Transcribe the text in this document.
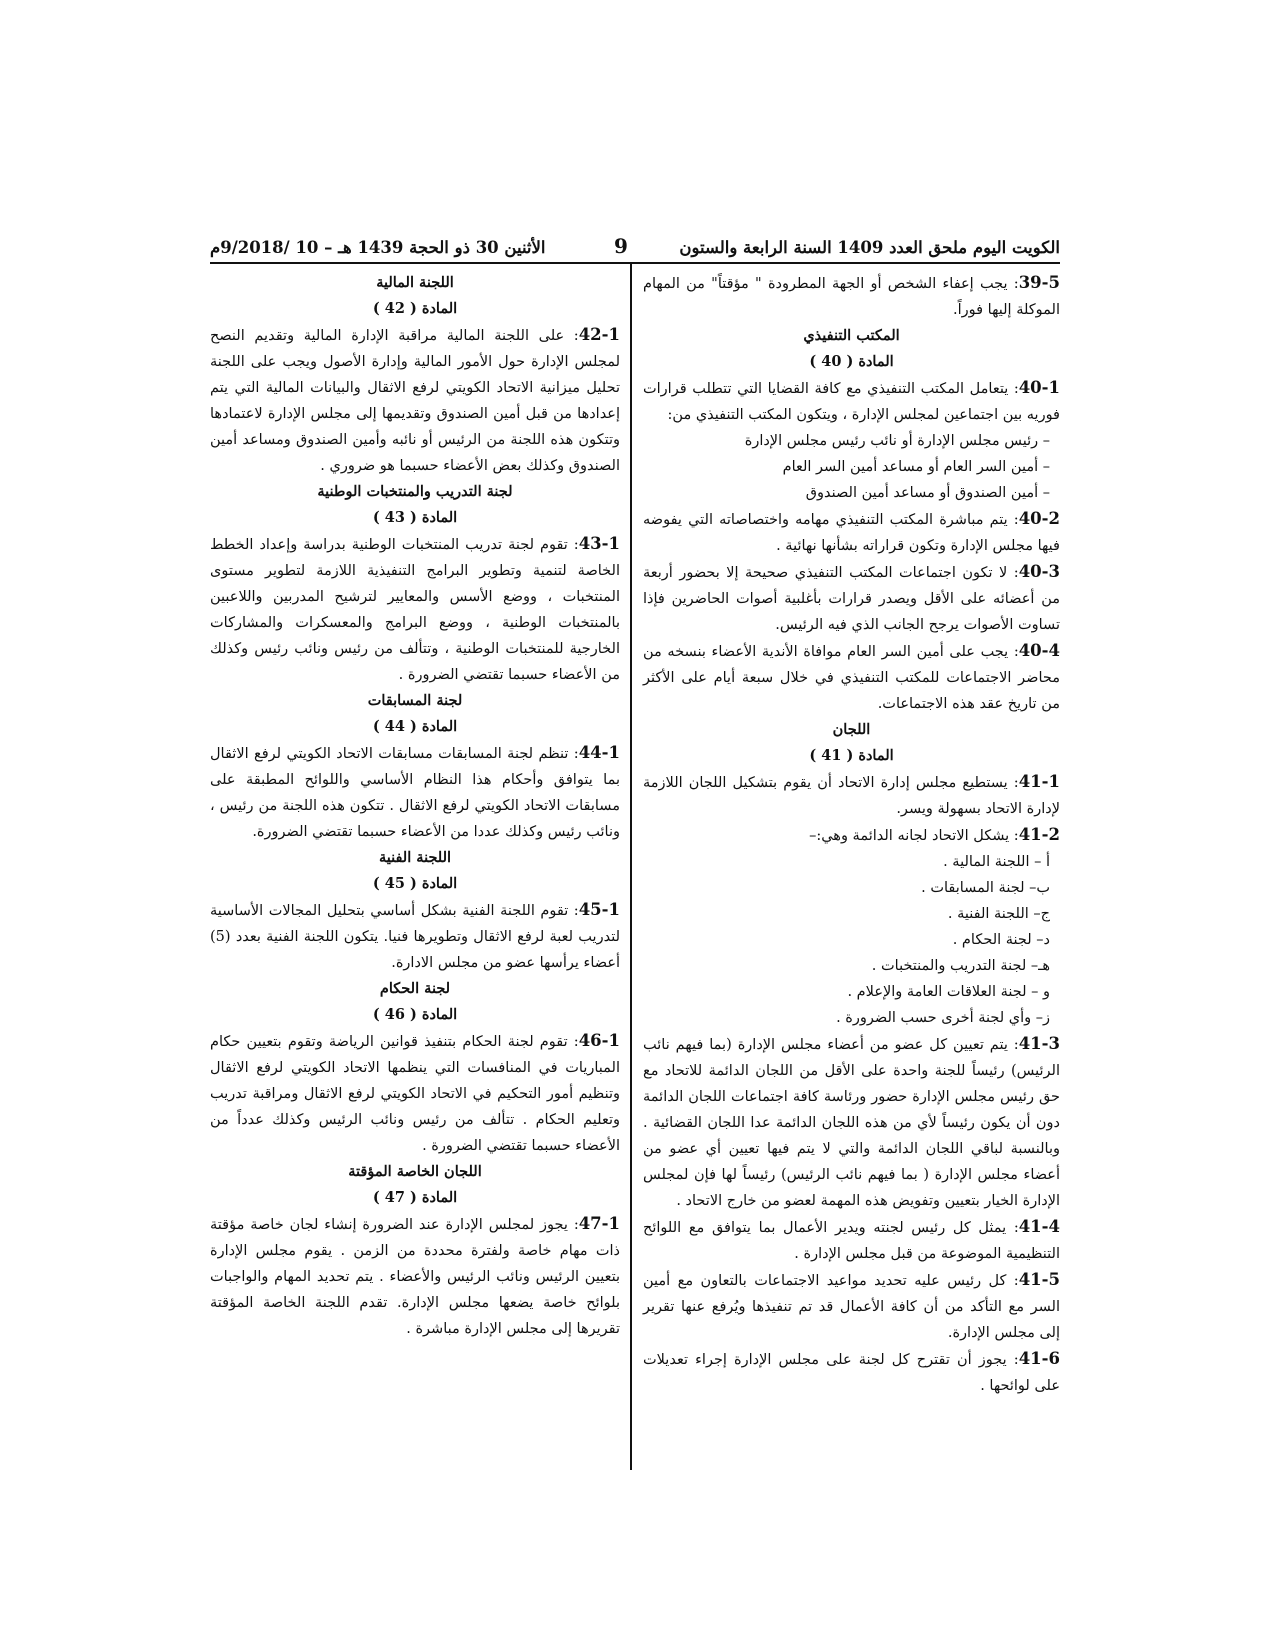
الكويت اليوم ملحق العدد 1409 السنة الرابعة والستون
9
الأثنين 30 ذو الحجة 1439 هـ – 10 /9/2018م

39-5: يجب إعفاء الشخص أو الجهة المطرودة " مؤقتاً" من المهام الموكلة إليها فوراً.

المكتب التنفيذي

المادة ( 40 )

40-1: يتعامل المكتب التنفيذي مع كافة القضايا التي تتطلب قرارات فوريه بين اجتماعين لمجلس الإدارة ، ويتكون المكتب التنفيذي من:

– رئيس مجلس الإدارة أو نائب رئيس مجلس الإدارة

– أمين السر العام أو مساعد أمين السر العام

– أمين الصندوق أو مساعد أمين الصندوق

40-2: يتم مباشرة المكتب التنفيذي مهامه واختصاصاته التي يفوضه فيها مجلس الإدارة وتكون قراراته بشأنها نهائية .

40-3: لا تكون اجتماعات المكتب التنفيذي صحيحة إلا بحضور أربعة من أعضائه على الأقل ويصدر قرارات بأغلبية أصوات الحاضرين فإذا تساوت الأصوات يرجح الجانب الذي فيه الرئيس.

40-4: يجب على أمين السر العام موافاة الأندية الأعضاء بنسخه من محاضر الاجتماعات للمكتب التنفيذي في خلال سبعة أيام على الأكثر من تاريخ عقد هذه الاجتماعات.

اللجان

المادة ( 41 )

41-1: يستطيع مجلس إدارة الاتحاد أن يقوم بتشكيل اللجان اللازمة لإدارة الاتحاد بسهولة ويسر.

41-2: يشكل الاتحاد لجانه الدائمة وهي:–

أ – اللجنة المالية .

ب– لجنة المسابقات .

ج– اللجنة الفنية .

د– لجنة الحكام .

هـ– لجنة التدريب والمنتخبات .

و – لجنة العلاقات العامة والإعلام .

ز– وأي لجنة أخرى حسب الضرورة .

41-3: يتم تعيين كل عضو من أعضاء مجلس الإدارة (بما فيهم نائب الرئيس) رئيساً للجنة واحدة على الأقل من اللجان الدائمة للاتحاد مع حق رئيس مجلس الإدارة حضور ورئاسة كافة اجتماعات اللجان الدائمة دون أن يكون رئيساً لأي من هذه اللجان الدائمة عدا اللجان القضائية . وبالنسبة لباقي اللجان الدائمة والتي لا يتم فيها تعيين أي عضو من أعضاء مجلس الإدارة ( بما فيهم نائب الرئيس) رئيساً لها فإن لمجلس الإدارة الخيار بتعيين وتفويض هذه المهمة لعضو من خارج الاتحاد .

41-4: يمثل كل رئيس لجنته ويدير الأعمال بما يتوافق مع اللوائح التنظيمية الموضوعة من قبل مجلس الإدارة .

41-5: كل رئيس عليه تحديد مواعيد الاجتماعات بالتعاون مع أمين السر مع التأكد من أن كافة الأعمال قد تم تنفيذها ويُرفع عنها تقرير إلى مجلس الإدارة.

41-6: يجوز أن تقترح كل لجنة على مجلس الإدارة إجراء تعديلات على لوائحها .

اللجنة المالية

المادة ( 42 )

42-1: على اللجنة المالية مراقبة الإدارة المالية وتقديم النصح لمجلس الإدارة حول الأمور المالية وإدارة الأصول ويجب على اللجنة تحليل ميزانية الاتحاد الكويتي لرفع الاثقال والبيانات المالية التي يتم إعدادها من قبل أمين الصندوق وتقديمها إلى مجلس الإدارة لاعتمادها وتتكون هذه اللجنة من الرئيس أو نائبه وأمين الصندوق ومساعد أمين الصندوق وكذلك بعض الأعضاء حسبما هو ضروري .

لجنة التدريب والمنتخبات الوطنية

المادة ( 43 )

43-1: تقوم لجنة تدريب المنتخبات الوطنية بدراسة وإعداد الخطط الخاصة لتنمية وتطوير البرامج التنفيذية اللازمة لتطوير مستوى المنتخبات ، ووضع الأسس والمعايير لترشيح المدربين واللاعبين بالمنتخبات الوطنية ، ووضع البرامج والمعسكرات والمشاركات الخارجية للمنتخبات الوطنية ، وتتألف من رئيس ونائب رئيس وكذلك من الأعضاء حسبما تقتضي الضرورة .

لجنة المسابقات

المادة ( 44 )

44-1: تنظم لجنة المسابقات مسابقات الاتحاد الكويتي لرفع الاثقال بما يتوافق وأحكام هذا النظام الأساسي واللوائح المطبقة على مسابقات الاتحاد الكويتي لرفع الاثقال . تتكون هذه اللجنة من رئيس ، ونائب رئيس وكذلك عددا من الأعضاء حسبما تقتضي الضرورة.

اللجنة الفنية

المادة ( 45 )

45-1: تقوم اللجنة الفنية بشكل أساسي بتحليل المجالات الأساسية لتدريب لعبة لرفع الاثقال وتطويرها فنيا. يتكون اللجنة الفنية بعدد (5) أعضاء يرأسها عضو من مجلس الادارة.

لجنة الحكام

المادة ( 46 )

46-1: تقوم لجنة الحكام بتنفيذ قوانين الرياضة وتقوم بتعيين حكام المباريات في المنافسات التي ينظمها الاتحاد الكويتي لرفع الاثقال وتنظيم أمور التحكيم في الاتحاد الكويتي لرفع الاثقال ومراقبة تدريب وتعليم الحكام . تتألف من رئيس ونائب الرئيس وكذلك عدداً من الأعضاء حسبما تقتضي الضرورة .

اللجان الخاصة المؤقتة

المادة ( 47 )

47-1: يجوز لمجلس الإدارة عند الضرورة إنشاء لجان خاصة مؤقتة ذات مهام خاصة ولفترة محددة من الزمن . يقوم مجلس الإدارة بتعيين الرئيس ونائب الرئيس والأعضاء . يتم تحديد المهام والواجبات بلوائح خاصة يضعها مجلس الإدارة. تقدم اللجنة الخاصة المؤقتة تقريرها إلى مجلس الإدارة مباشرة .
